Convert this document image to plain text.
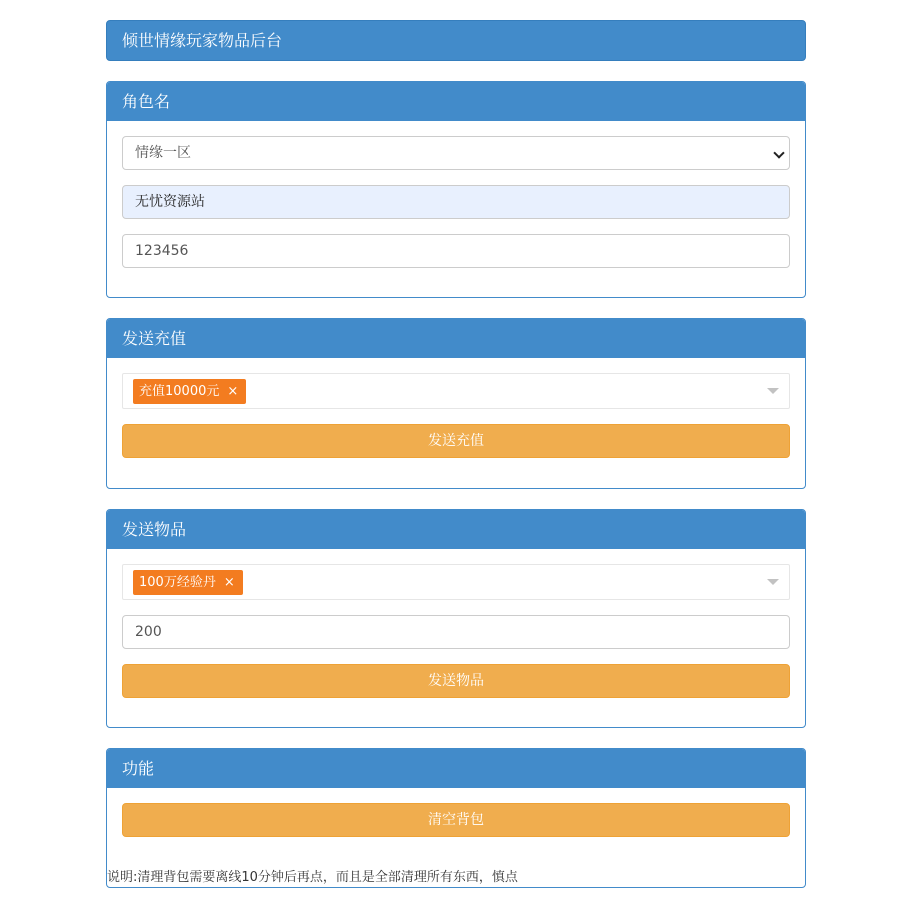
倾世情缘玩家物品后台
角色名
情缘一区
无忧资源站
123456
发送充值
充值10000元 ×
发送充值
发送物品
100万经验丹 ×
200
发送物品
功能
清空背包
说明:清理背包需要离线10分钟后再点，而且是全部清理所有东西，慎点
